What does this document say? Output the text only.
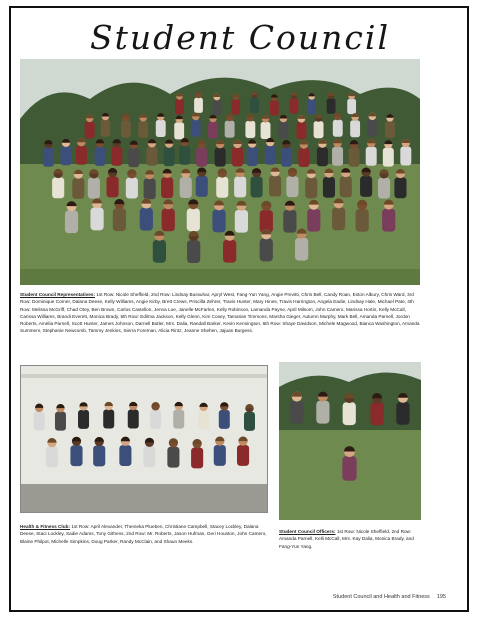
Student Council
Student Council Representatives: 1st Row: Nicole Sheffield, 2nd Row: Lindsay Bussuhar, Apryl West, Fang-Yun Yang, Angie Previtti, Chris Bell, Candy Roan, Eston Albury, Chris Ward, 3rd Row: Dominique Corner, Dalana Deese, Kelly Williams, Angie Kirby, Brett Crews, Priscilla Zehrer, Travis Hunter, Mary Hines, Travis Harrington, Angela Eadie, Lindsay Hale, Michael Pate, 4th Row: Melissa McGriff, Chad Otey, Ben Brown, Carlos Castellon, Jenna Loe, Janelle McFarlen, Kelly Robinson, Lamanda Payne, April Milsom, John Camero, Marissa Hortin, Kelly McCall, Carissa Williams, Brandi Everett, Monica Brady, 5th Row: Edilma Jackson, Kelly Glenn, Kim Cosey, Tamarian Timmons, Marsha Gieger, Autumn Murphy, Mark Bell, Amanda Parnell, Jordon Roberts, Amelia Parnell, Scott Hunter, James Johnson, Darnell Butler, Mrs. Dalia, Randall Barker, Kevin Kennington, 6th Row: Shaye Davidson, Michele Magwood, Bianca Washington, Amanda Summers, Stephanie Newcomb, Tammy Jenkins, Sierra Foreman, Alicia Rintz, Jeanne Shehen, Jajuan Burgess.
Health & Fitness Club: 1st Row: April Alexander, Themeka Plueben, Christiane Campbell, Stacey Lockley, Dalana Deese, Staci Lockley, Sadie Adams, Tony Githens, 2nd Row: Mr. Roberts, Jason Hufman, Geri Houston, John Camero, Blaine Philpot, Michelle Simpkins, Doug Parker, Randy McClain, and Shaun Meeks.
Student Council Officers: 1st Row: Nicole Sheffield, 2nd Row: Amanda Parnell, Kelli McCall, Mrs. Kay Dalia, Monica Brady, and Fang-Yun Yang.
Student Council and Health and Fitness 195
